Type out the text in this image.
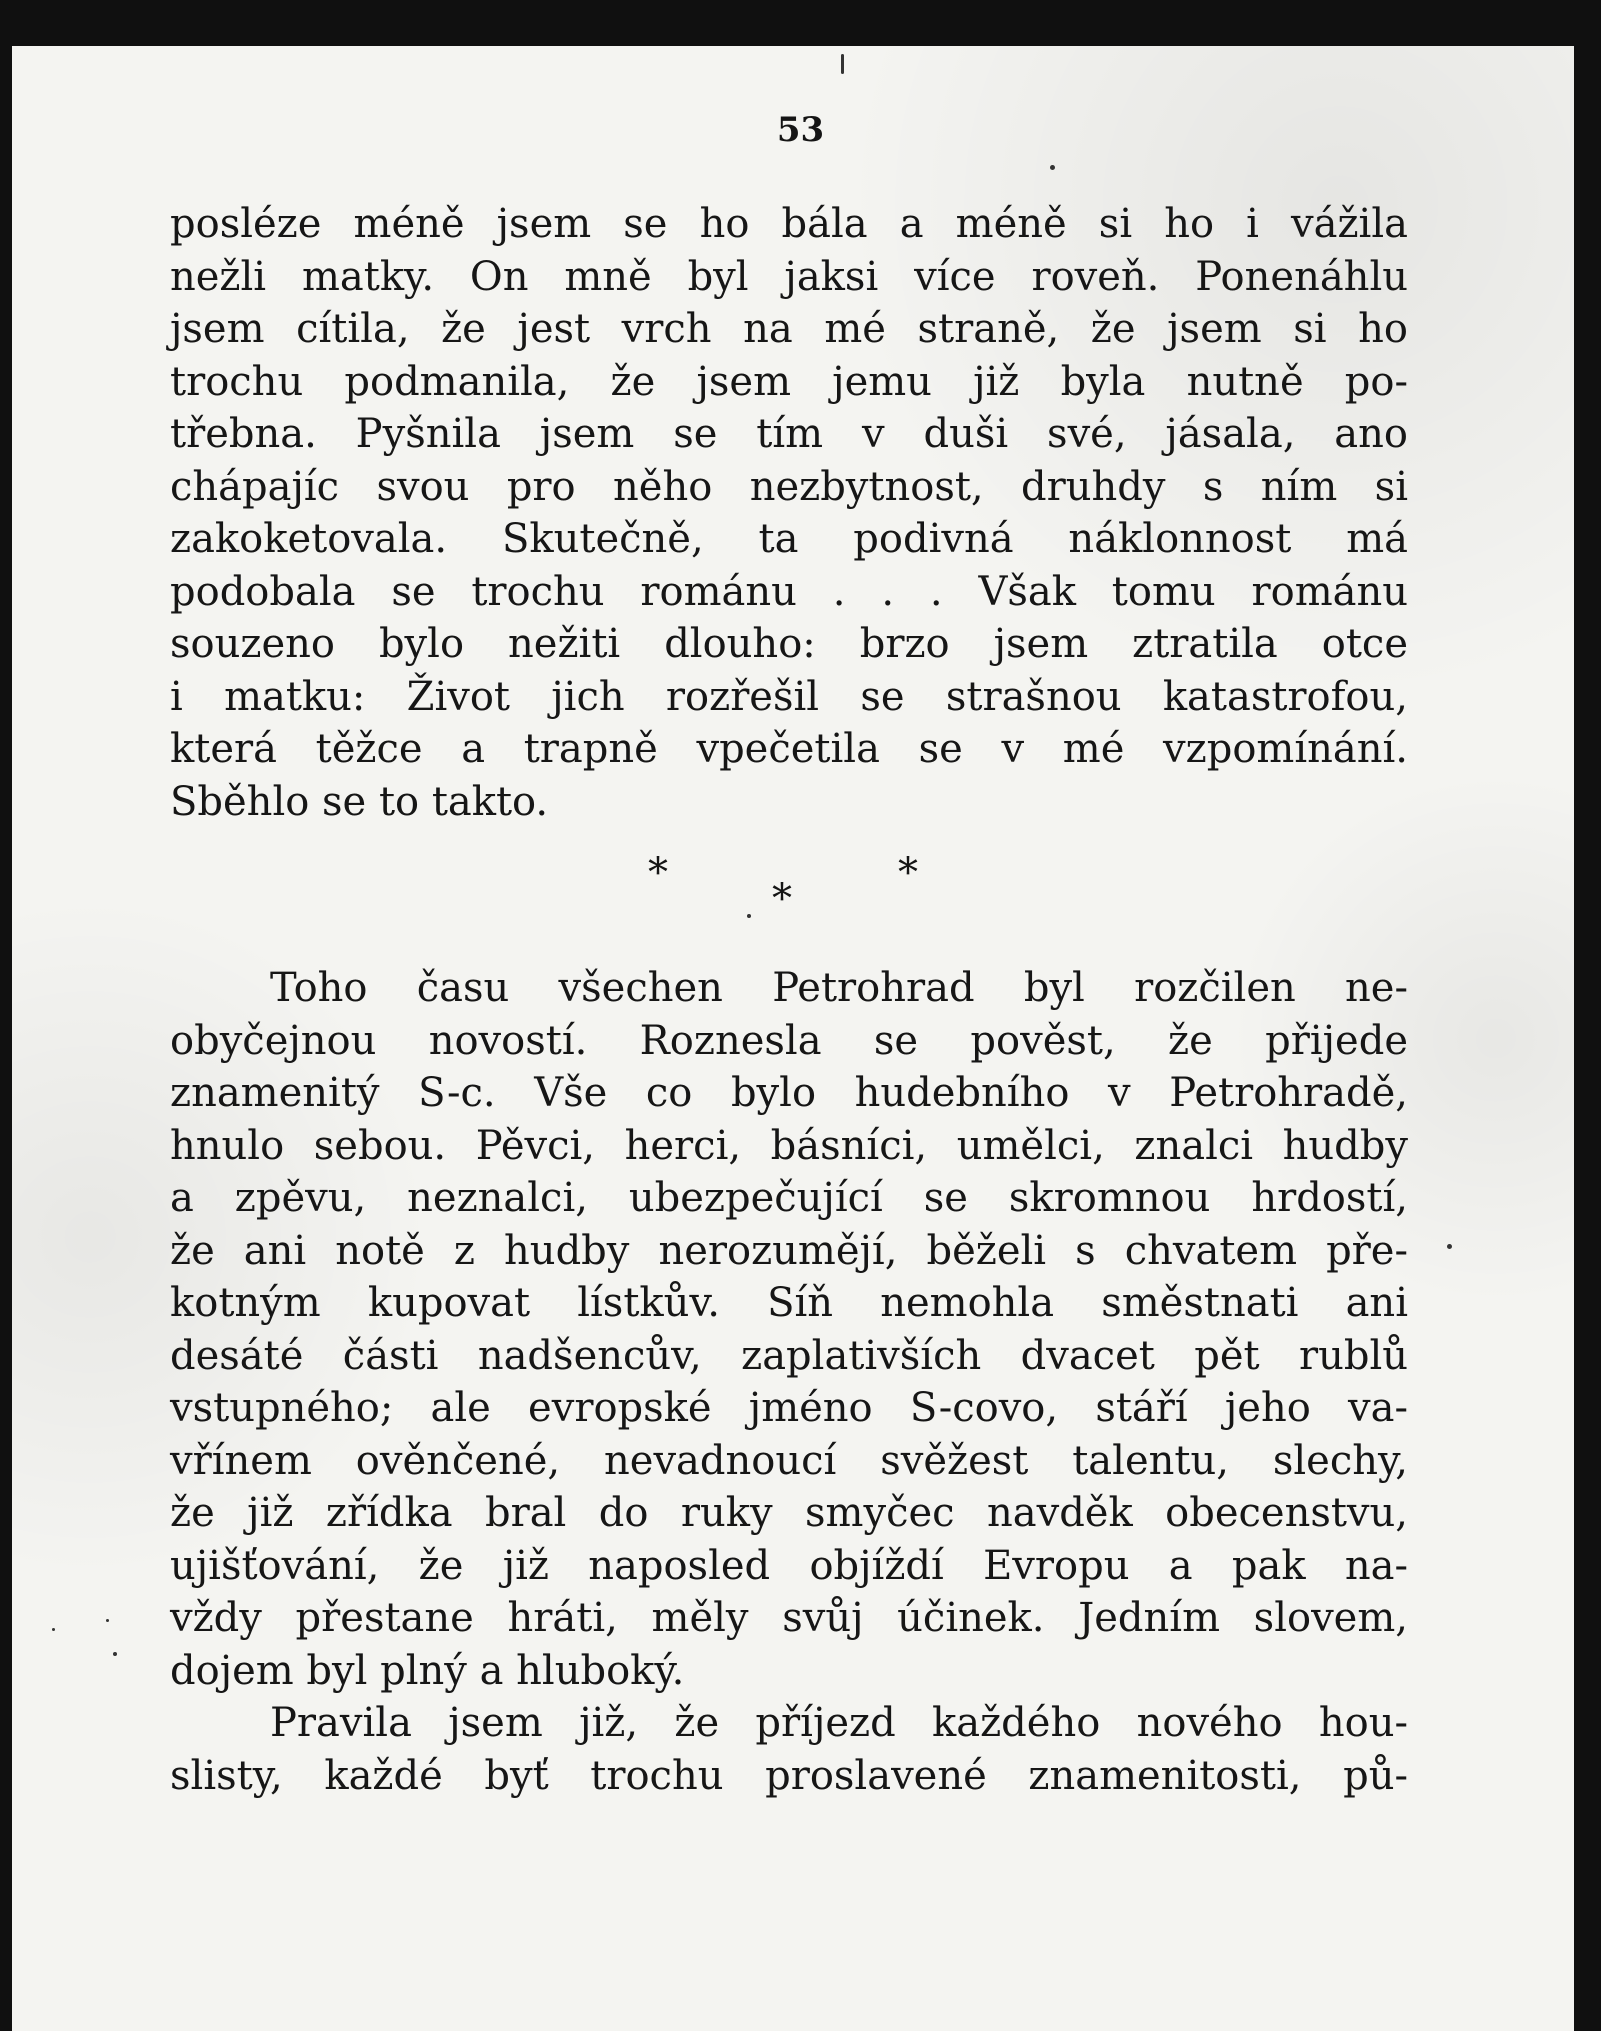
53
posléze méně jsem se ho bála a méně si ho i vážila
nežli matky. On mně byl jaksi více roveň. Ponenáhlu
jsem cítila, že jest vrch na mé straně, že jsem si ho
trochu podmanila, že jsem jemu již byla nutně po-
třebna. Pyšnila jsem se tím v duši své, jásala, ano
chápajíc svou pro něho nezbytnost, druhdy s ním si
zakoketovala. Skutečně, ta podivná náklonnost má
podobala se trochu románu . . . Však tomu románu
souzeno bylo nežiti dlouho: brzo jsem ztratila otce
i matku: Život jich rozřešil se strašnou katastrofou,
která těžce a trapně vpečetila se v mé vzpomínání.
Sběhlo se to takto.
*	*
*
Toho času všechen Petrohrad byl rozčilen ne-
obyčejnou novostí. Roznesla se pověst, že přijede
znamenitý S-c. Vše co bylo hudebního v Petrohradě,
hnulo sebou. Pěvci, herci, básníci, umělci, znalci hudby
a zpěvu, neznalci, ubezpečující se skromnou hrdostí,
že ani notě z hudby nerozumějí, běželi s chvatem pře-
kotným kupovat lístkův. Síň nemohla směstnati ani
desáté části nadšencův, zaplativších dvacet pět rublů
vstupného; ale evropské jméno S-covo, stáří jeho va-
vřínem ověnčené, nevadnoucí svěžest talentu, slechy,
že již zřídka bral do ruky smyčec navděk obecenstvu,
ujišťování, že již naposled objíždí Evropu a pak na-
vždy přestane hráti, měly svůj účinek. Jedním slovem,
dojem byl plný a hluboký.
Pravila jsem již, že příjezd každého nového hou-
slisty, každé byť trochu proslavené znamenitosti, pů-
